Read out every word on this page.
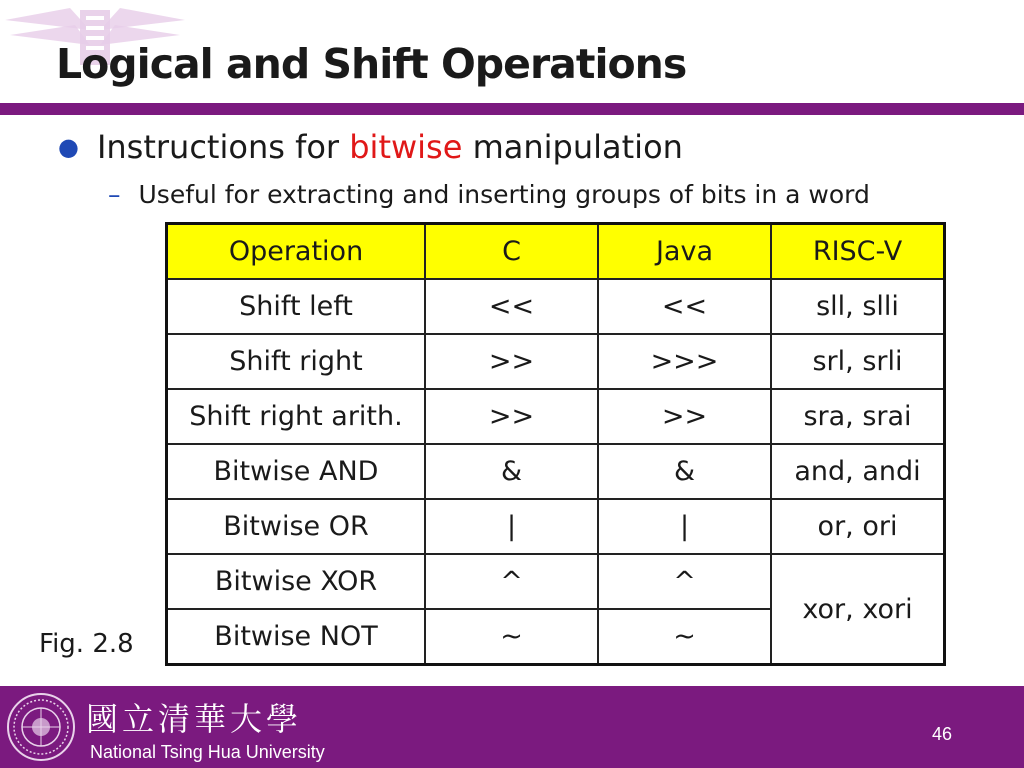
Logical and Shift Operations
● Instructions for bitwise manipulation
– Useful for extracting and inserting groups of bits in a word
Operation	C	Java	RISC-V
Shift left	<<	<<	sll, slli
Shift right	>>	>>>	srl, srli
Shift right arith.	>>	>>	sra, srai
Bitwise AND	&	&	and, andi
Bitwise OR	|	|	or, ori
Bitwise XOR	^	^	xor, xori
Bitwise NOT	~	~	
Fig. 2.8
國立清華大學
National Tsing Hua University
46
